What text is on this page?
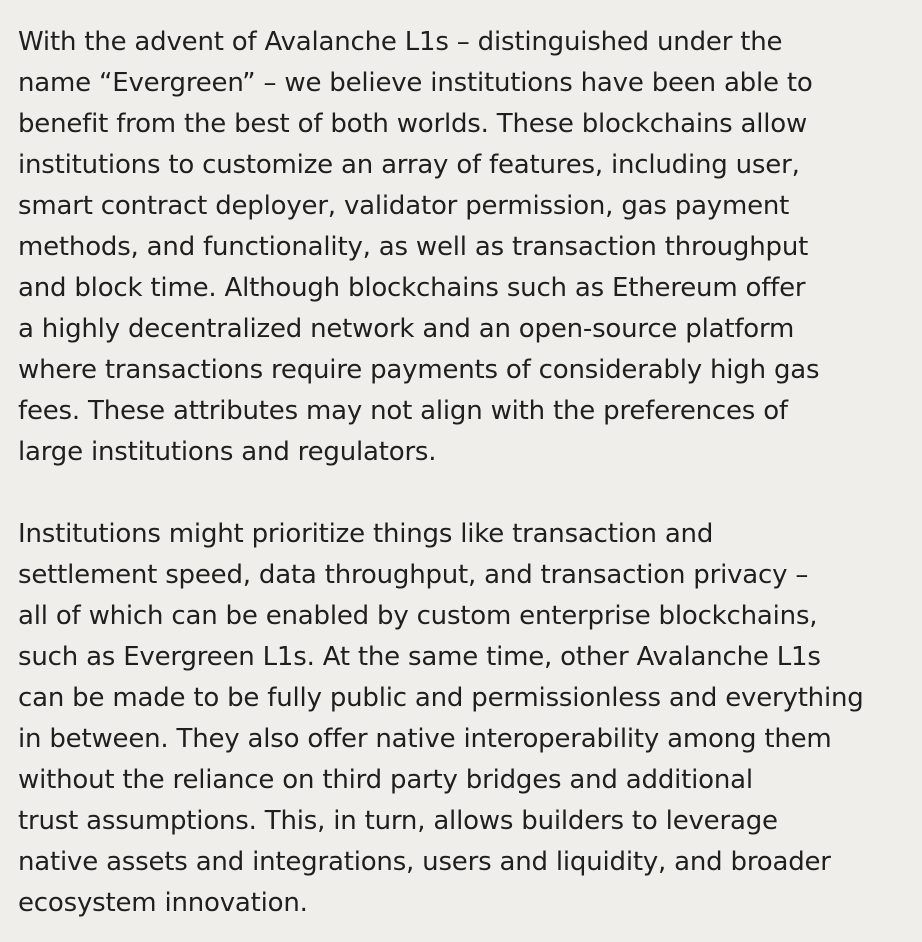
With the advent of Avalanche L1s – distinguished under the
name “Evergreen” – we believe institutions have been able to
benefit from the best of both worlds. These blockchains allow
institutions to customize an array of features, including user,
smart contract deployer, validator permission, gas payment
methods, and functionality, as well as transaction throughput
and block time. Although blockchains such as Ethereum offer
a highly decentralized network and an open-source platform
where transactions require payments of considerably high gas
fees. These attributes may not align with the preferences of
large institutions and regulators.

Institutions might prioritize things like transaction and
settlement speed, data throughput, and transaction privacy –
all of which can be enabled by custom enterprise blockchains,
such as Evergreen L1s. At the same time, other Avalanche L1s
can be made to be fully public and permissionless and everything
in between. They also offer native interoperability among them
without the reliance on third party bridges and additional
trust assumptions. This, in turn, allows builders to leverage
native assets and integrations, users and liquidity, and broader
ecosystem innovation.
